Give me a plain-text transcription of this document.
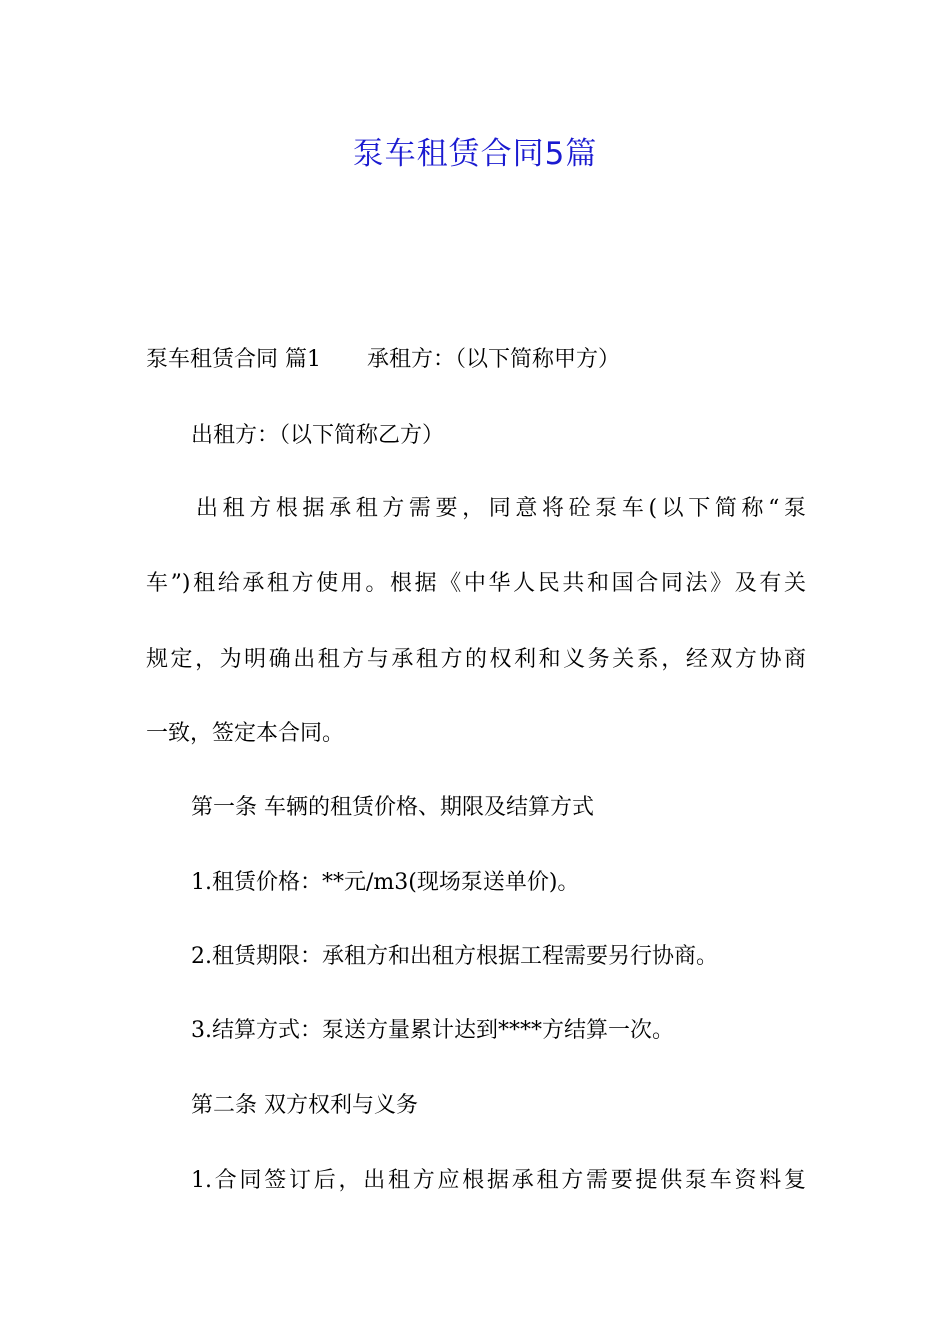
泵车租赁合同5篇
泵车租赁合同 篇1 承租方：（以下简称甲方）
出租方：（以下简称乙方）
出租方根据承租方需要，同意将砼泵车(以下简称“泵
车”)租给承租方使用。根据《中华人民共和国合同法》及有关
规定，为明确出租方与承租方的权利和义务关系，经双方协商
一致，签定本合同。
第一条 车辆的租赁价格、期限及结算方式
1.租赁价格：**元/m3(现场泵送单价)。
2.租赁期限：承租方和出租方根据工程需要另行协商。
3.结算方式：泵送方量累计达到****方结算一次。
第二条 双方权利与义务
1.合同签订后，出租方应根据承租方需要提供泵车资料复
